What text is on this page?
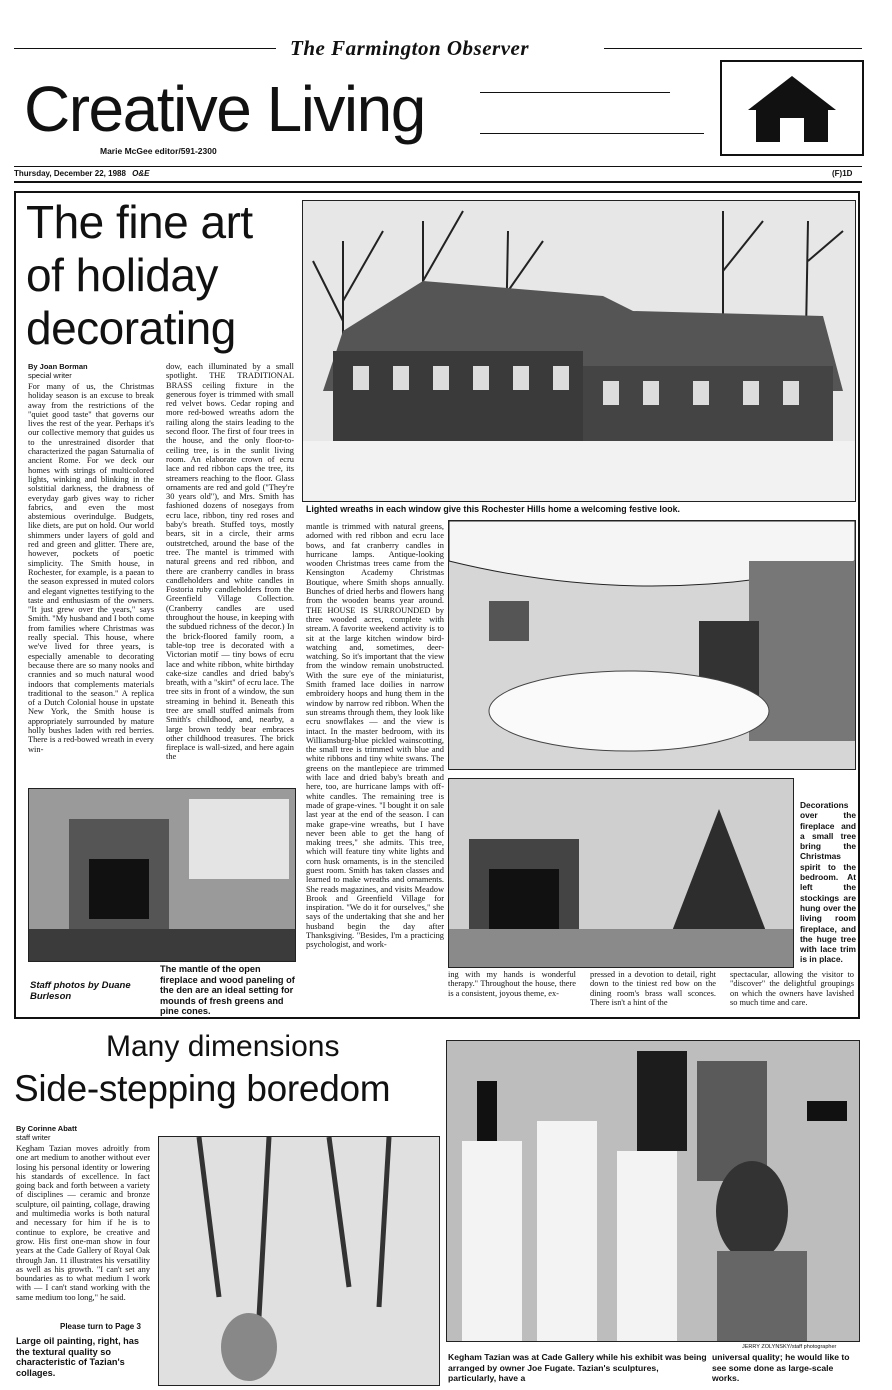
The Farmington Observer
Creative Living
Marie McGee editor/591-2300
Thursday, December 22, 1988 O&E	(F)1D
The fine art
of holiday
decorating
By Joan Borman
special writer
For many of us, the Christmas holiday season is an excuse to break away from the restrictions of the "quiet good taste" that governs our lives the rest of the year. Perhaps it's our collective memory that guides us to the unrestrained disorder that characterized the pagan Saturnalia of ancient Rome. For we deck our homes with strings of multicolored lights, winking and blinking in the solstitial darkness, the drabness of everyday garb gives way to richer fabrics, and even the most abstemious overindulge. Budgets, like diets, are put on hold. Our world shimmers under layers of gold and red and green and glitter. There are, however, pockets of poetic simplicity. The Smith house, in Rochester, for example, is a paean to the season expressed in muted colors and elegant vignettes testifying to the taste and enthusiasm of the owners. "It just grew over the years," says Smith. "My husband and I both come from families where Christmas was really special. This house, where we've lived for three years, is especially amenable to decorating because there are so many nooks and crannies and so much natural wood indoors that complements materials traditional to the season." A replica of a Dutch Colonial house in upstate New York, the Smith house is appropriately surrounded by mature holly bushes laden with red berries. There is a red-bowed wreath in every win-
dow, each illuminated by a small spotlight. THE TRADITIONAL BRASS ceiling fixture in the generous foyer is trimmed with small red velvet bows. Cedar roping and more red-bowed wreaths adorn the railing along the stairs leading to the second floor. The first of four trees in the house, and the only floor-to-ceiling tree, is in the sunlit living room. An elaborate crown of ecru lace and red ribbon caps the tree, its streamers reaching to the floor. Glass ornaments are red and gold ("They're 30 years old"), and Mrs. Smith has fashioned dozens of nosegays from ecru lace, ribbon, tiny red roses and baby's breath. Stuffed toys, mostly bears, sit in a circle, their arms outstretched, around the base of the tree. The mantel is trimmed with natural greens and red ribbon, and there are cranberry candles in brass candleholders and white candles in Fostoria ruby candleholders from the Greenfield Village Collection. (Cranberry candles are used throughout the house, in keeping with the subdued richness of the decor.) In the brick-floored family room, a table-top tree is decorated with a Victorian motif — tiny bows of ecru lace and white ribbon, white birthday cake-size candles and dried baby's breath, with a "skirt" of ecru lace. The tree sits in front of a window, the sun streaming in behind it. Beneath this tree are small stuffed animals from Smith's childhood, and, nearby, a large brown teddy bear embraces other childhood treasures. The brick fireplace is wall-sized, and here again the
mantle is trimmed with natural greens, adorned with red ribbon and ecru lace bows, and fat cranberry candles in hurricane lamps. Antique-looking wooden Christmas trees came from the Kensington Academy Christmas Boutique, where Smith shops annually. Bunches of dried herbs and flowers hang from the wooden beams year around. THE HOUSE IS SURROUNDED by three wooded acres, complete with stream. A favorite weekend activity is to sit at the large kitchen window bird-watching and, sometimes, deer-watching. So it's important that the view from the window remain unobstructed. With the sure eye of the miniaturist, Smith framed lace doilies in narrow embroidery hoops and hung them in the window by narrow red ribbon. When the sun streams through them, they look like ecru snowflakes — and the view is intact. In the master bedroom, with its Williamsburg-blue pickled wainscotting, the small tree is trimmed with blue and white ribbons and tiny white swans. The greens on the mantlepiece are trimmed with lace and dried baby's breath and here, too, are hurricane lamps with off-white candles. The remaining tree is made of grape-vines. "I bought it on sale last year at the end of the season. I can make grape-vine wreaths, but I have never been able to get the hang of making trees," she admits. This tree, which will feature tiny white lights and corn husk ornaments, is in the stenciled guest room. Smith has taken classes and learned to make wreaths and ornaments. She reads magazines, and visits Meadow Brook and Greenfield Village for inspiration. "We do it for ourselves," she says of the undertaking that she and her husband begin the day after Thanksgiving. "Besides, I'm a practicing psychologist, and work-
ing with my hands is wonderful therapy." Throughout the house, there is a consistent, joyous theme, ex-
pressed in a devotion to detail, right down to the tiniest red bow on the dining room's brass wall sconces. There isn't a hint of the
spectacular, allowing the visitor to "discover" the delightful groupings on which the owners have lavished so much time and care.
Lighted wreaths in each window give this Rochester Hills home a welcoming festive look.
Decorations over the fireplace and a small tree bring the Christmas spirit to the bedroom. At left the stockings are hung over the living room fireplace, and the huge tree with lace trim is in place.
The mantle of the open fireplace and wood paneling of the den are an ideal setting for mounds of fresh greens and pine cones.
Staff photos by Duane Burleson
Many dimensions
Side-stepping boredom
By Corinne Abatt
staff writer
Kegham Tazian moves adroitly from one art medium to another without ever losing his personal identity or lowering his standards of excellence. In fact going back and forth between a variety of disciplines — ceramic and bronze sculpture, oil painting, collage, drawing and multimedia works is both natural and necessary for him if he is to continue to explore, be creative and grow. His first one-man show in four years at the Cade Gallery of Royal Oak through Jan. 11 illustrates his versatility as well as his growth. "I can't set any boundaries as to what medium I work with — I can't stand working with the same medium too long," he said.
Please turn to Page 3
Large oil painting, right, has the textural quality so characteristic of Tazian's collages.
JERRY ZOLYNSKY/staff photographer
Kegham Tazian was at Cade Gallery while his exhibit was being arranged by owner Joe Fugate. Tazian's sculptures, particularly, have a
universal quality; he would like to see some done as large-scale works.
